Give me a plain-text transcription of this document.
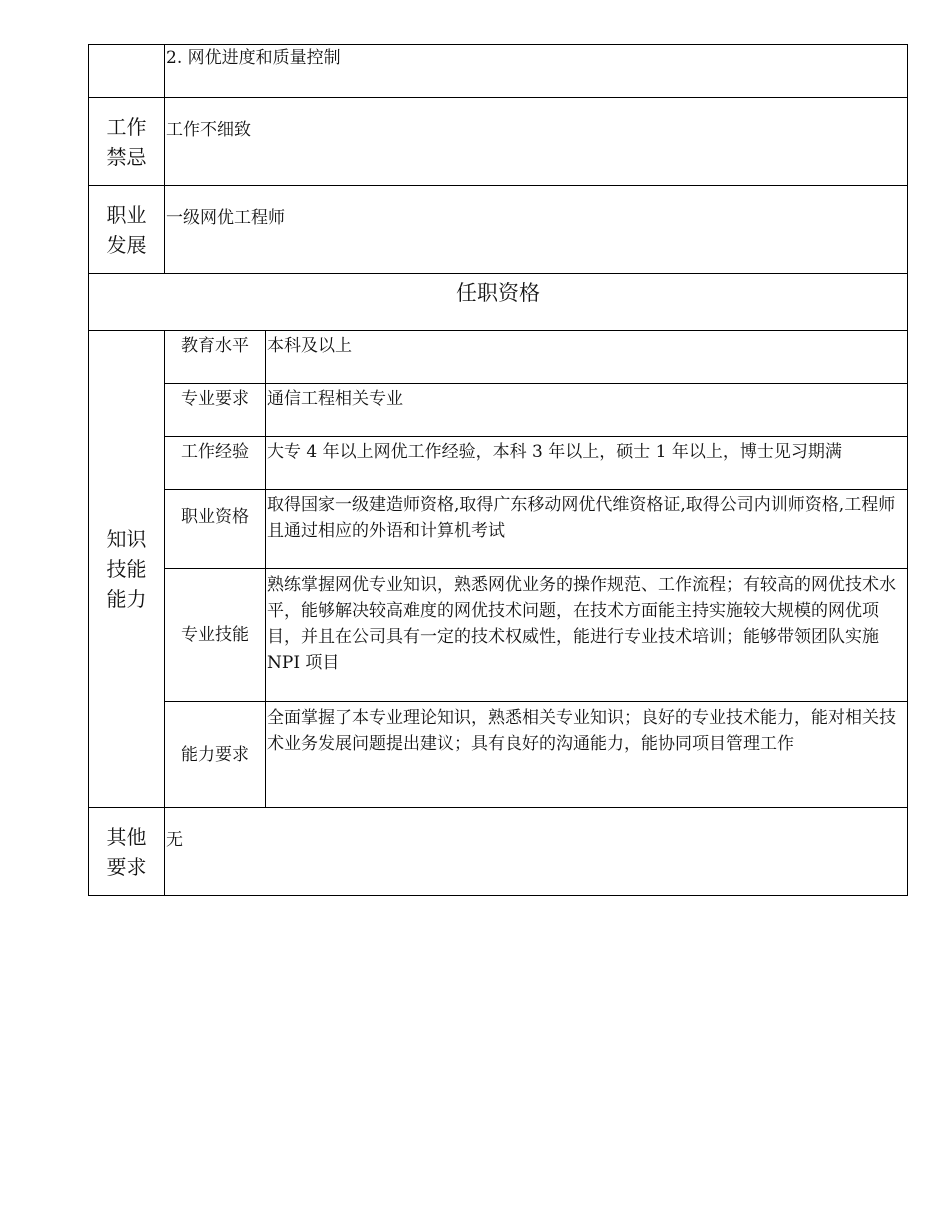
	2. 网优进度和质量控制	

工作
禁忌	工作不细致	

职业
发展	一级网优工程师	
任职资格		

知识
技能
能力	教育水平	本科及以上
	专业要求	通信工程相关专业
	工作经验	大专 4 年以上网优工作经验，本科 3 年以上，硕士 1 年以上，博士见习期满
	职业资格	取得国家一级建造师资格,取得广东移动网优代维资格证,取得公司内训师资格,工程师且通过相应的外语和计算机考试
	专业技能	熟练掌握网优专业知识，熟悉网优业务的操作规范、工作流程；有较高的网优技术水平，能够解决较高难度的网优技术问题，在技术方面能主持实施较大规模的网优项目，并且在公司具有一定的技术权威性，能进行专业技术培训；能够带领团队实施 NPI 项目
	能力要求	全面掌握了本专业理论知识，熟悉相关专业知识；良好的专业技术能力，能对相关技术业务发展问题提出建议；具有良好的沟通能力，能协同项目管理工作

其他
要求	无	
